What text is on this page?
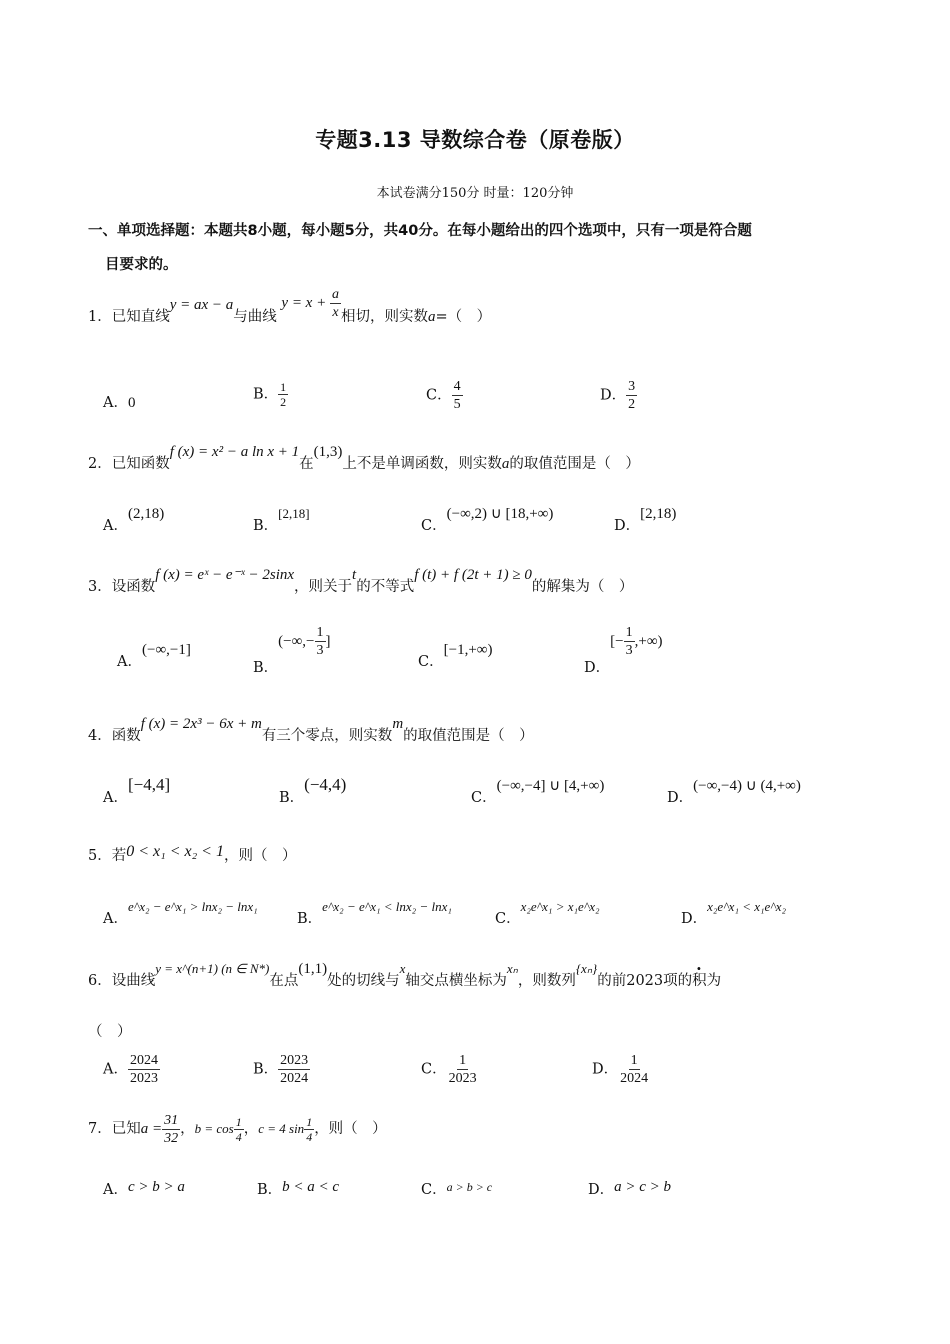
专题3.13 导数综合卷（原卷版）
本试卷满分150分 时量：120分钟
一、单项选择题：本题共8小题，每小题5分，共40分。在每小题给出的四个选项中，只有一项是符合题
目要求的。
1．已知直线y = ax − a与曲线 $y = x + \frac{a}{x}$ 相切，则实数a=（　）
A．0
B． $\frac{1}{2}$	C． $\frac{4}{5}$	D． $\frac{3}{2}$
2．已知函数f (x) = x² − a ln x + 1在(1,3)上不是单调函数，则实数a的取值范围是（　）
A．(2,18)
B．[2,18]
C．(−∞,2) ∪ [18,+∞)
D．[2,18)
3．设函数f (x) = eˣ − e⁻ˣ − 2sinx，则关于t的不等式f (t) + f (2t + 1) ≥ 0的解集为（　）
A．(−∞,−1]
B．(−∞,− $\frac{1}{3}$ ]
C．[−1,+∞)
D．[− $\frac{1}{3}$ ,+∞)
4．函数f (x) = 2x³ − 6x + m有三个零点，则实数m的取值范围是（　）
A．[−4,4]
B．(−4,4)
C．(−∞,−4] ∪ [4,+∞)
D．(−∞,−4) ∪ (4,+∞)
5．若0 < x₁ < x₂ < 1，则（　）
A．e^x₂ − e^x₁ > lnx₂ − lnx₁
B．e^x₂ − e^x₁ < lnx₂ − lnx₁
C．x₂e^x₁ > x₁e^x₂
D．x₂e^x₁ < x₁e^x₂
6．设曲线y = x^(n+1) (n ∈ N*)在点(1,1)处的切线与x轴交点横坐标为xₙ，则数列{xₙ}的前2023项的积为
（　）
A． $\frac{2024}{2023}$	B． $\frac{2023}{2024}$	C． $\frac{1}{2023}$	D． $\frac{1}{2024}$
7．已知$a = \frac{31}{32}$ ，$b = \cos \frac{1}{4}$ ，c = 4 $\sin \frac{1}{4}$ ，则（　）
A．c > b > a	B．b < a < c	C．$^{a > b > c}$	D．a > c > b
